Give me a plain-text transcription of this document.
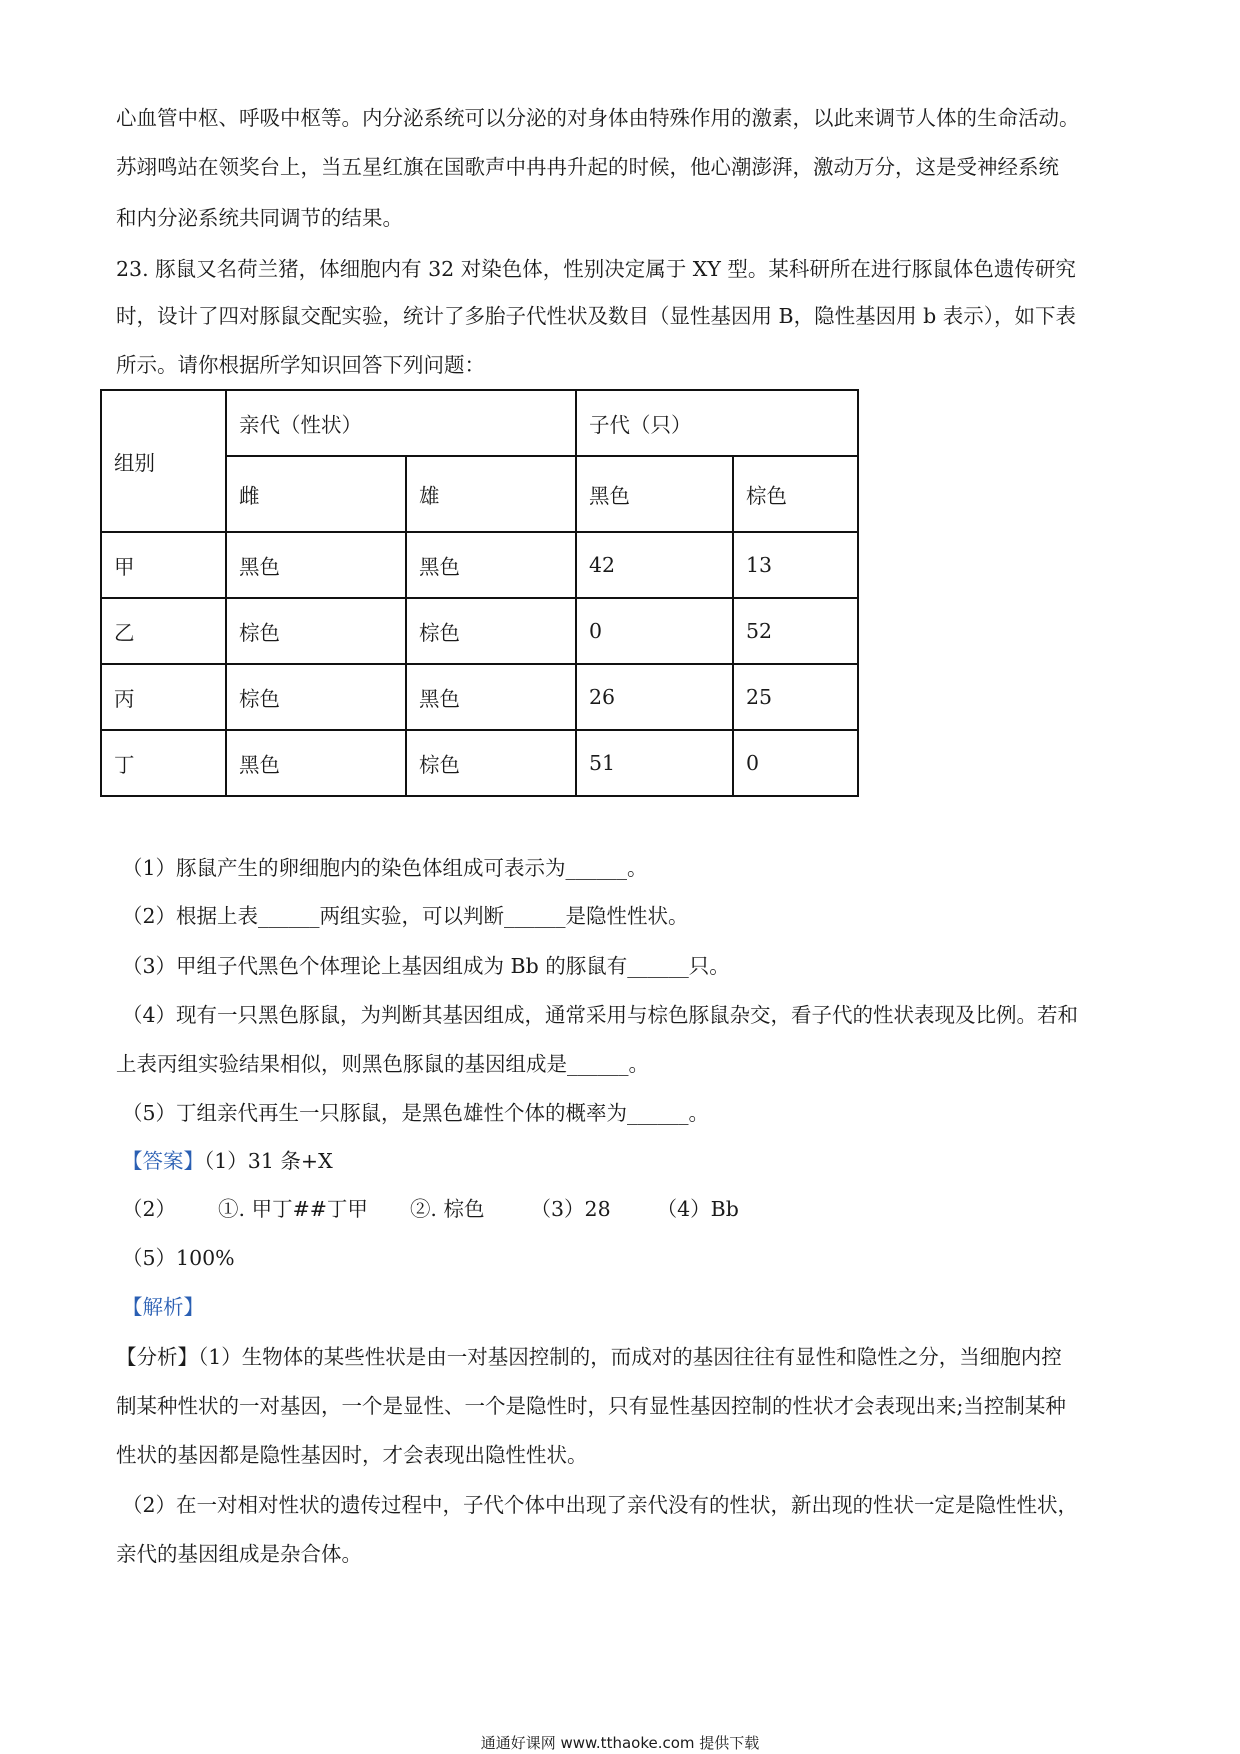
心血管中枢、呼吸中枢等。内分泌系统可以分泌的对身体由特殊作用的激素，以此来调节人体的生命活动。
苏翊鸣站在领奖台上，当五星红旗在国歌声中冉冉升起的时候，他心潮澎湃，激动万分，这是受神经系统
和内分泌系统共同调节的结果。
23. 豚鼠又名荷兰猪，体细胞内有 32 对染色体，性别决定属于 XY 型。某科研所在进行豚鼠体色遗传研究
时，设计了四对豚鼠交配实验，统计了多胎子代性状及数目（显性基因用 B，隐性基因用 b 表示），如下表
所示。请你根据所学知识回答下列问题：
组别	亲代（性状）		子代（只）	
	雌	雄	黑色	棕色
甲	黑色	黑色	42	13
乙	棕色	棕色	0	52
丙	棕色	黑色	26	25
丁	黑色	棕色	51	0
（1）豚鼠产生的卵细胞内的染色体组成可表示为______。
（2）根据上表______两组实验，可以判断______是隐性性状。
（3）甲组子代黑色个体理论上基因组成为 Bb 的豚鼠有______只。
（4）现有一只黑色豚鼠，为判断其基因组成，通常采用与棕色豚鼠杂交，看子代的性状表现及比例。若和
上表丙组实验结果相似，则黑色豚鼠的基因组成是______。
（5）丁组亲代再生一只豚鼠，是黑色雄性个体的概率为______。
【答案】（1）31 条+X
（2） ①. 甲丁##丁甲 ②. 棕色 （3）28 （4）Bb
（5）100%
【解析】
【分析】（1）生物体的某些性状是由一对基因控制的，而成对的基因往往有显性和隐性之分，当细胞内控
制某种性状的一对基因，一个是显性、一个是隐性时，只有显性基因控制的性状才会表现出来;当控制某种
性状的基因都是隐性基因时，才会表现出隐性性状。
（2）在一对相对性状的遗传过程中，子代个体中出现了亲代没有的性状，新出现的性状一定是隐性性状，
亲代的基因组成是杂合体。
通通好课网 www.tthaoke.com 提供下载
